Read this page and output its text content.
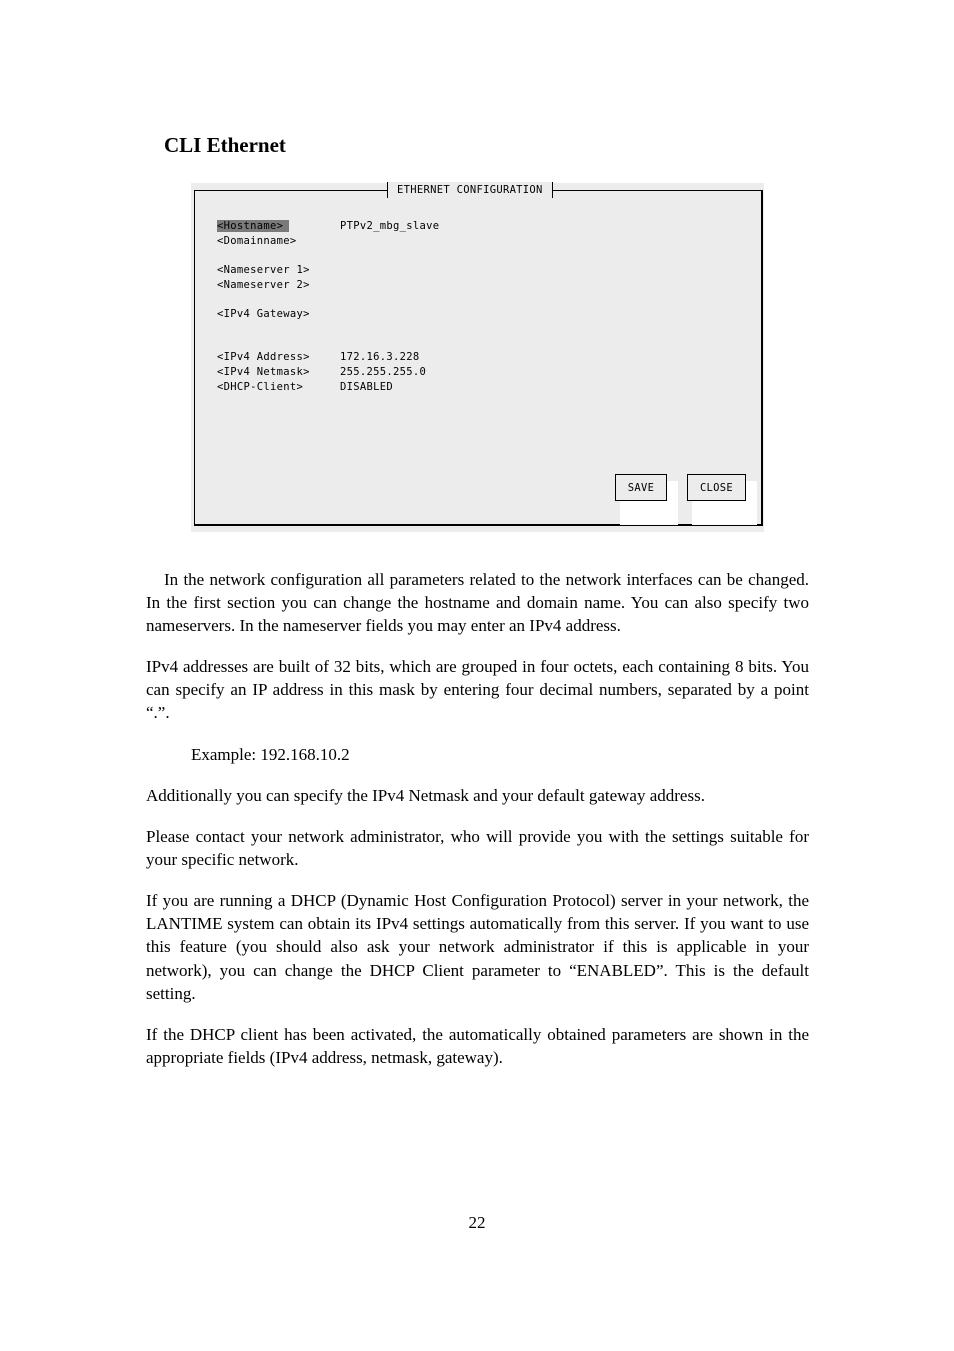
CLI Ethernet
ETHERNET CONFIGURATION
<Hostname>	PTPv2_mbg_slave
<Domainname>
<Nameserver 1>
<Nameserver 2>
<IPv4 Gateway>
<IPv4 Address>	172.16.3.228
<IPv4 Netmask>	255.255.255.0
<DHCP-Client>	DISABLED
SAVE	CLOSE

In the network configuration all parameters related to the network interfaces can be changed. In the first section you can change the hostname and domain name. You can also specify two nameservers. In the nameserver fields you may enter an IPv4 address.

IPv4 addresses are built of 32 bits, which are grouped in four octets, each containing 8 bits. You can specify an IP address in this mask by entering four decimal numbers, separated by a point “.”.

Example: 192.168.10.2

Additionally you can specify the IPv4 Netmask and your default gateway address.

Please contact your network administrator, who will provide you with the settings suitable for your specific network.

If you are running a DHCP (Dynamic Host Configuration Protocol) server in your network, the LANTIME system can obtain its IPv4 settings automatically from this server. If you want to use this feature (you should also ask your network administrator if this is applicable in your network), you can change the DHCP Client parameter to “ENABLED”. This is the default setting.

If the DHCP client has been activated, the automatically obtained parameters are shown in the appropriate fields (IPv4 address, netmask, gateway).

22
